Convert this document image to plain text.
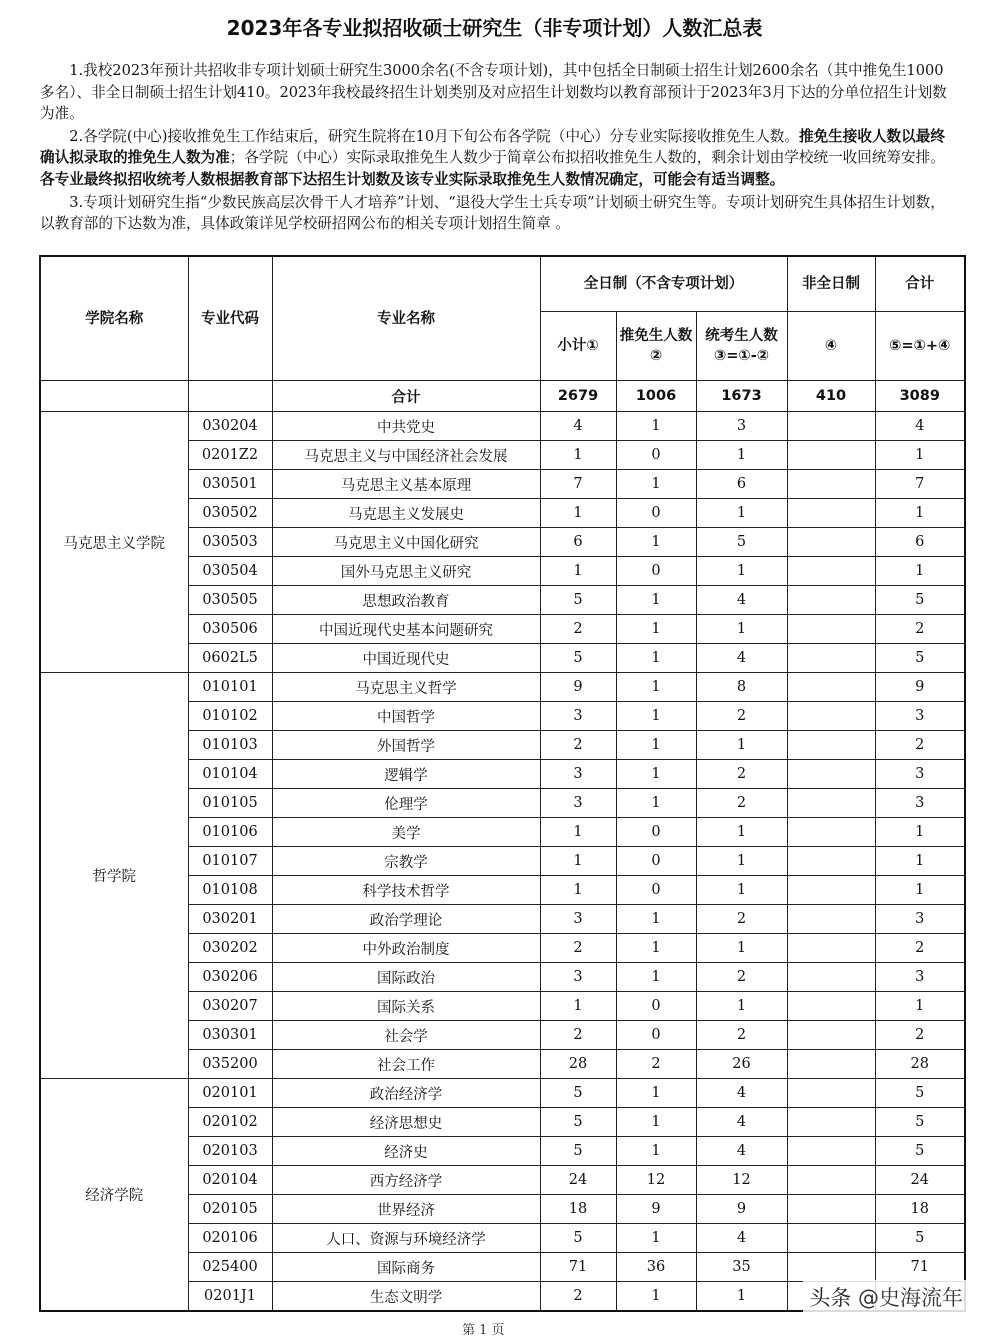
2023年各专业拟招收硕士研究生（非专项计划）人数汇总表

1.我校2023年预计共招收非专项计划硕士研究生3000余名(不含专项计划)，其中包括全日制硕士招生计划2600余名（其中推免生1000多名）、非全日制硕士招生计划410。2023年我校最终招生计划类别及对应招生计划数均以教育部预计于2023年3月下达的分单位招生计划数为准。

2.各学院(中心)接收推免生工作结束后，研究生院将在10月下旬公布各学院（中心）分专业实际接收推免生人数。推免生接收人数以最终确认拟录取的推免生人数为准；各学院（中心）实际录取推免生人数少于简章公布拟招收推免生人数的，剩余计划由学校统一收回统筹安排。各专业最终拟招收统考人数根据教育部下达招生计划数及该专业实际录取推免生人数情况确定，可能会有适当调整。

3.专项计划研究生指“少数民族高层次骨干人才培养”计划、“退役大学生士兵专项”计划硕士研究生等。专项计划研究生具体招生计划数，以教育部的下达数为准，具体政策详见学校研招网公布的相关专项计划招生简章 。

学院名称	专业代码	专业名称	全日制（不含专项计划）			非全日制	合计
			小计①	推免生人数②	统考生人数③=①-②	④	⑤=①+④
		合计	2679	1006	1673	410	3089
马克思主义学院	030204	中共党史	4	1	3		4
	0201Z2	马克思主义与中国经济社会发展	1	0	1		1
	030501	马克思主义基本原理	7	1	6		7
	030502	马克思主义发展史	1	0	1		1
	030503	马克思主义中国化研究	6	1	5		6
	030504	国外马克思主义研究	1	0	1		1
	030505	思想政治教育	5	1	4		5
	030506	中国近现代史基本问题研究	2	1	1		2
	0602L5	中国近现代史	5	1	4		5
哲学院	010101	马克思主义哲学	9	1	8		9
	010102	中国哲学	3	1	2		3
	010103	外国哲学	2	1	1		2
	010104	逻辑学	3	1	2		3
	010105	伦理学	3	1	2		3
	010106	美学	1	0	1		1
	010107	宗教学	1	0	1		1
	010108	科学技术哲学	1	0	1		1
	030201	政治学理论	3	1	2		3
	030202	中外政治制度	2	1	1		2
	030206	国际政治	3	1	2		3
	030207	国际关系	1	0	1		1
	030301	社会学	2	0	2		2
	035200	社会工作	28	2	26		28
经济学院	020101	政治经济学	5	1	4		5
	020102	经济思想史	5	1	4		5
	020103	经济史	5	1	4		5
	020104	西方经济学	24	12	12		24
	020105	世界经济	18	9	9		18
	020106	人口、资源与环境经济学	5	1	4		5
	025400	国际商务	71	36	35		71
	0201J1	生态文明学	2	1	1			头条 @史海流年
第 1 页
